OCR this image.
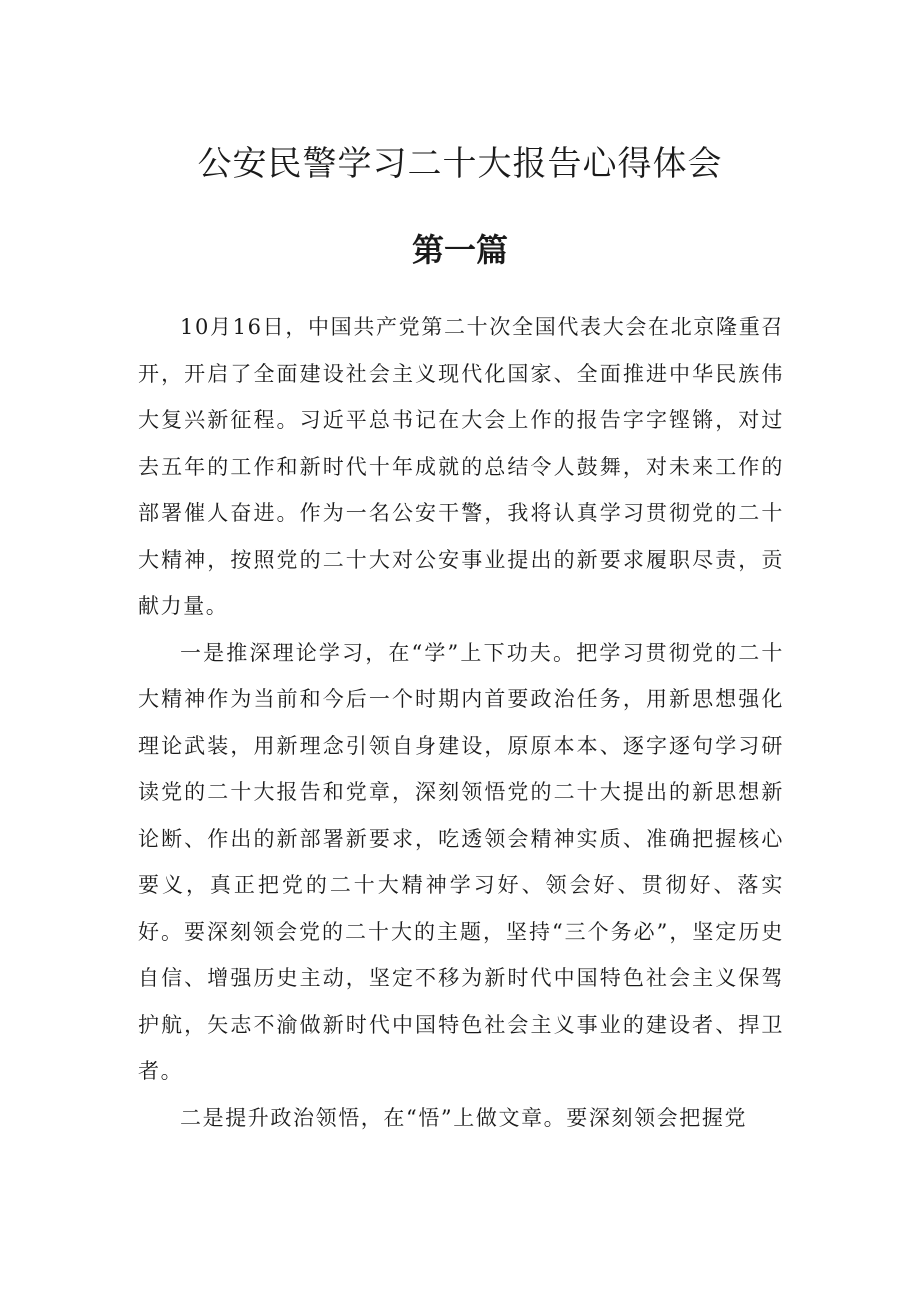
公安民警学习二十大报告心得体会
第一篇

10月16日，中国共产党第二十次全国代表大会在北京隆重召开，开启了全面建设社会主义现代化国家、全面推进中华民族伟大复兴新征程。习近平总书记在大会上作的报告字字铿锵，对过去五年的工作和新时代十年成就的总结令人鼓舞，对未来工作的部署催人奋进。作为一名公安干警，我将认真学习贯彻党的二十大精神，按照党的二十大对公安事业提出的新要求履职尽责，贡献力量。

一是推深理论学习，在“学”上下功夫。把学习贯彻党的二十大精神作为当前和今后一个时期内首要政治任务，用新思想强化理论武装，用新理念引领自身建设，原原本本、逐字逐句学习研读党的二十大报告和党章，深刻领悟党的二十大提出的新思想新论断、作出的新部署新要求，吃透领会精神实质、准确把握核心要义，真正把党的二十大精神学习好、领会好、贯彻好、落实好。要深刻领会党的二十大的主题，坚持“三个务必”，坚定历史自信、增强历史主动，坚定不移为新时代中国特色社会主义保驾护航，矢志不渝做新时代中国特色社会主义事业的建设者、捍卫者。

二是提升政治领悟，在“悟”上做文章。要深刻领会把握党
